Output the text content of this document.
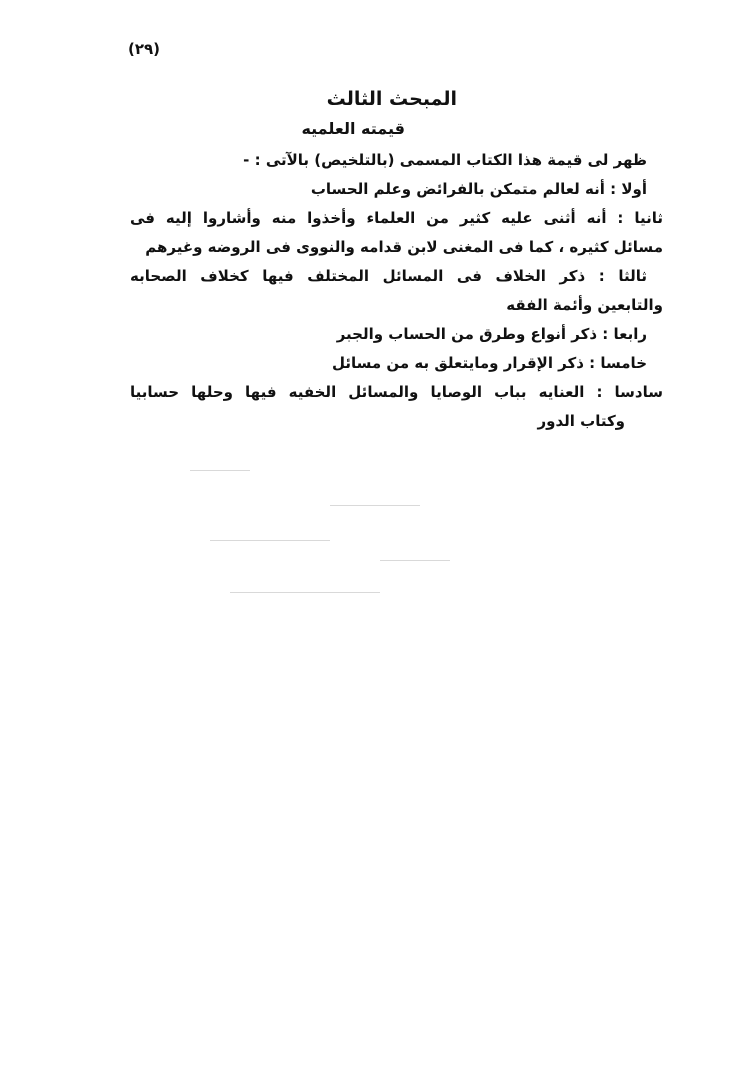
(٢٩)
المبحث الثالث
قيمته العلميه
ظهر لى قيمة هذا الكتاب المسمى (بالتلخيص) بالآتى : -
أولا : أنه لعالم متمكن بالفرائض وعلم الحساب
ثانيا : أنه أثنى عليه كثير من العلماء وأخذوا منه وأشاروا إليه فى
مسائل كثيره ، كما فى المغنى لابن قدامه والنووى فى الروضه وغيرهم
ثالثا : ذكر الخلاف فى المسائل المختلف فيها كخلاف الصحابه
والتابعين وأئمة الفقه
رابعا : ذكر أنواع وطرق من الحساب والجبر
خامسا : ذكر الإقرار ومايتعلق به من مسائل
سادسا : العنايه بباب الوصايا والمسائل الخفيه فيها وحلها حسابيا
وكتاب الدور
